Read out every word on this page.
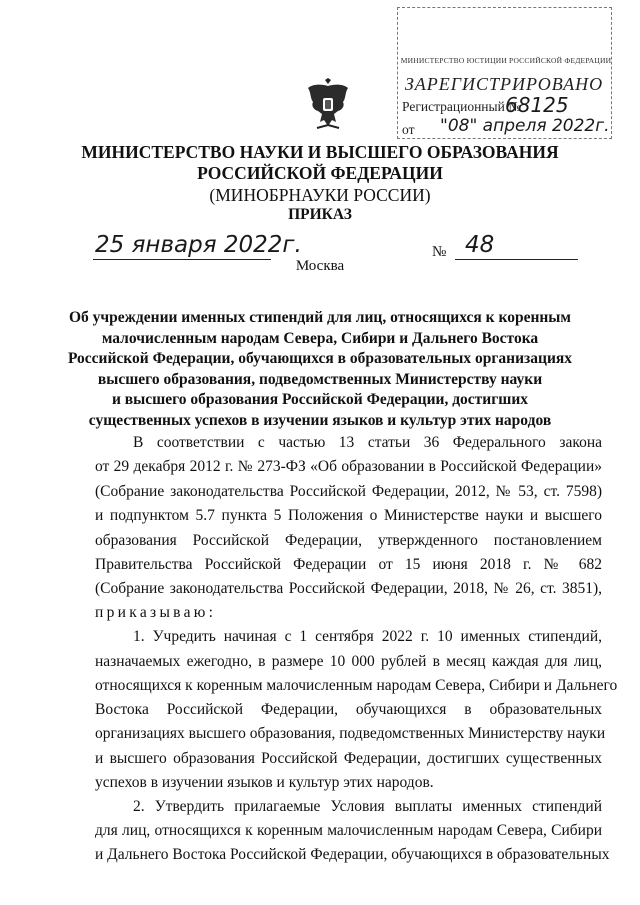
МИНИСТЕРСТВО ЮСТИЦИИ РОССИЙСКОЙ ФЕДЕРАЦИИ
ЗАРЕГИСТРИРОВАНО
Регистрационный №
68125
от "08" апреля 2022г.
МИНИСТЕРСТВО НАУКИ И ВЫСШЕГО ОБРАЗОВАНИЯ
РОССИЙСКОЙ ФЕДЕРАЦИИ
(МИНОБРНАУКИ РОССИИ)
ПРИКАЗ
25 января 2022г.	№ 48
Москва
Об учреждении именных стипендий для лиц, относящихся к коренным
малочисленным народам Севера, Сибири и Дальнего Востока
Российской Федерации, обучающихся в образовательных организациях
высшего образования, подведомственных Министерству науки
и высшего образования Российской Федерации, достигших
существенных успехов в изучении языков и культур этих народов
В соответствии с частью 13 статьи 36 Федерального закона
от 29 декабря 2012 г. № 273-ФЗ «Об образовании в Российской Федерации»
(Собрание законодательства Российской Федерации, 2012, № 53, ст. 7598)
и подпунктом 5.7 пункта 5 Положения о Министерстве науки и высшего
образования Российской Федерации, утвержденного постановлением
Правительства Российской Федерации от 15 июня 2018 г. № 682
(Собрание законодательства Российской Федерации, 2018, № 26, ст. 3851),
приказываю:
1. Учредить начиная с 1 сентября 2022 г. 10 именных стипендий,
назначаемых ежегодно, в размере 10 000 рублей в месяц каждая для лиц,
относящихся к коренным малочисленным народам Севера, Сибири и Дальнего
Востока Российской Федерации, обучающихся в образовательных
организациях высшего образования, подведомственных Министерству науки
и высшего образования Российской Федерации, достигших существенных
успехов в изучении языков и культур этих народов.
2. Утвердить прилагаемые Условия выплаты именных стипендий
для лиц, относящихся к коренным малочисленным народам Севера, Сибири
и Дальнего Востока Российской Федерации, обучающихся в образовательных
